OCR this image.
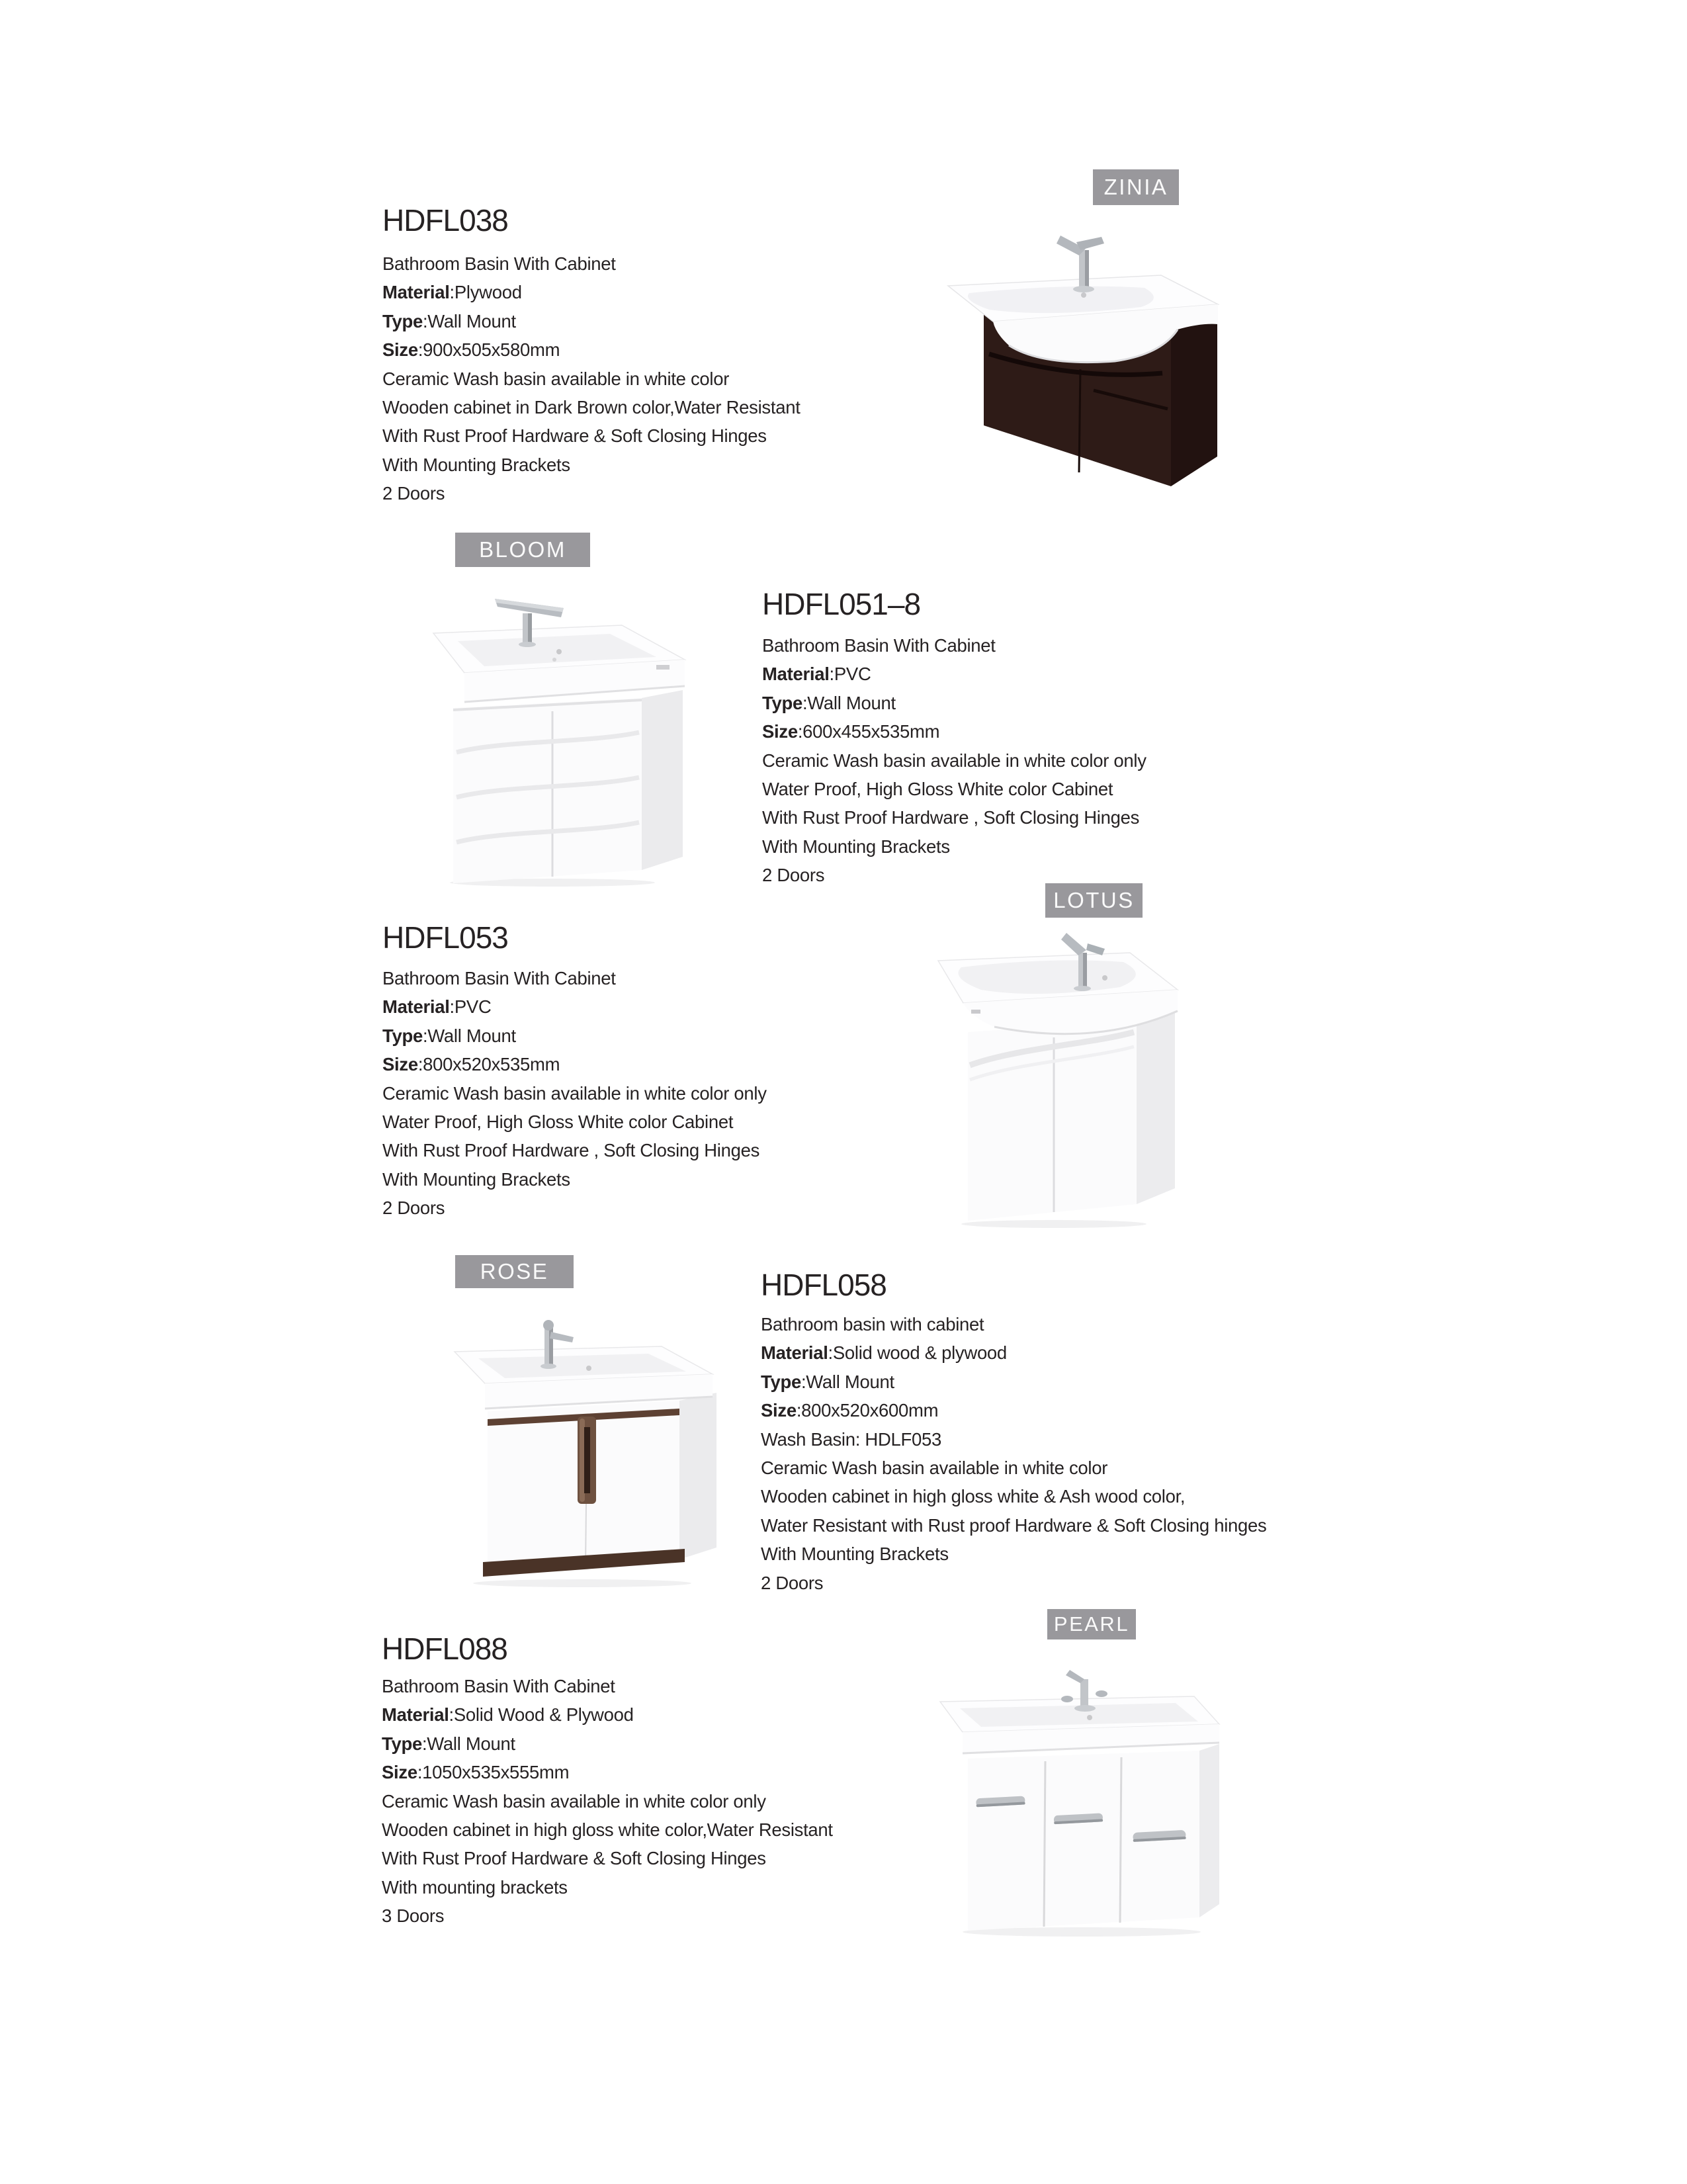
ZINIA
HDFL038
Bathroom Basin With Cabinet
Material:Plywood
Type:Wall Mount
Size:900x505x580mm
Ceramic Wash basin available in white color
Wooden cabinet in Dark Brown color,Water Resistant
With Rust Proof Hardware & Soft Closing Hinges
With Mounting Brackets
2 Doors
BLOOM
HDFL051–8
Bathroom Basin With Cabinet
Material:PVC
Type:Wall Mount
Size:600x455x535mm
Ceramic Wash basin available in white color only
Water Proof, High Gloss White color Cabinet
With Rust Proof Hardware , Soft Closing Hinges
With Mounting Brackets
2 Doors
LOTUS
HDFL053
Bathroom Basin With Cabinet
Material:PVC
Type:Wall Mount
Size:800x520x535mm
Ceramic Wash basin available in white color only
Water Proof, High Gloss White color Cabinet
With Rust Proof Hardware , Soft Closing Hinges
With Mounting Brackets
2 Doors
ROSE	HDFL058
Bathroom basin with cabinet
Material:Solid wood & plywood
Type:Wall Mount
Size:800x520x600mm
Wash Basin: HDLF053
Ceramic Wash basin available in white color
Wooden cabinet in high gloss white & Ash wood color,
Water Resistant with Rust proof Hardware & Soft Closing hinges
With Mounting Brackets
2 Doors
PEARL
HDFL088
Bathroom Basin With Cabinet
Material:Solid Wood & Plywood
Type:Wall Mount
Size:1050x535x555mm
Ceramic Wash basin available in white color only
Wooden cabinet in high gloss white color,Water Resistant
With Rust Proof Hardware & Soft Closing Hinges
With mounting brackets
3 Doors
